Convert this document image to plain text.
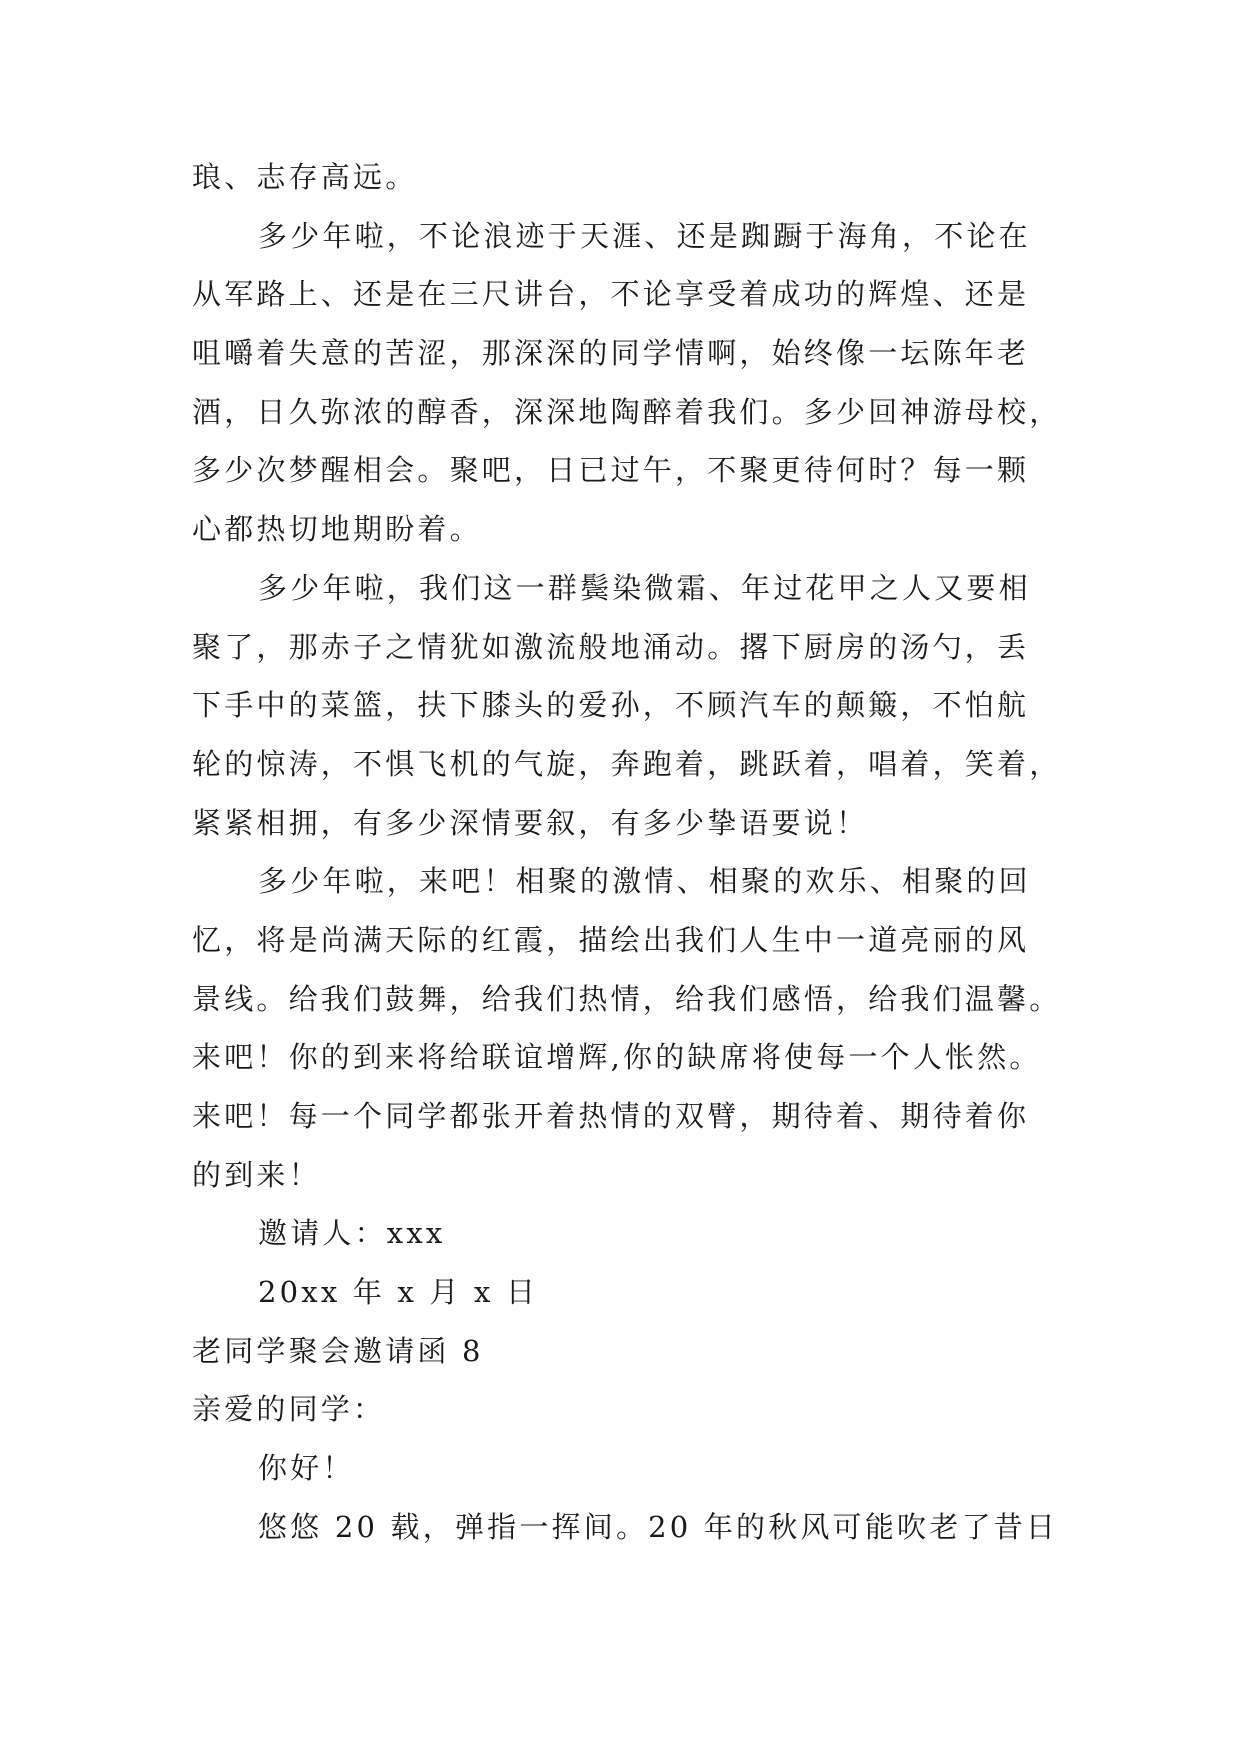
琅、志存高远。
多少年啦，不论浪迹于天涯、还是踟蹰于海角，不论在
从军路上、还是在三尺讲台，不论享受着成功的辉煌、还是
咀嚼着失意的苦涩，那深深的同学情啊，始终像一坛陈年老
酒，日久弥浓的醇香，深深地陶醉着我们。多少回神游母校，
多少次梦醒相会。聚吧，日已过午，不聚更待何时？每一颗
心都热切地期盼着。
多少年啦，我们这一群鬓染微霜、年过花甲之人又要相
聚了，那赤子之情犹如激流般地涌动。撂下厨房的汤勺，丢
下手中的菜篮，扶下膝头的爱孙，不顾汽车的颠簸，不怕航
轮的惊涛，不惧飞机的气旋，奔跑着，跳跃着，唱着，笑着，
紧紧相拥，有多少深情要叙，有多少挚语要说！
多少年啦，来吧！相聚的激情、相聚的欢乐、相聚的回
忆，将是尚满天际的红霞，描绘出我们人生中一道亮丽的风
景线。给我们鼓舞，给我们热情，给我们感悟，给我们温馨。
来吧！你的到来将给联谊增辉,你的缺席将使每一个人怅然。
来吧！每一个同学都张开着热情的双臂，期待着、期待着你
的到来！
邀请人：xxx
20xx 年 x 月 x 日
老同学聚会邀请函 8
亲爱的同学：
你好！
悠悠 20 载，弹指一挥间。20 年的秋风可能吹老了昔日
